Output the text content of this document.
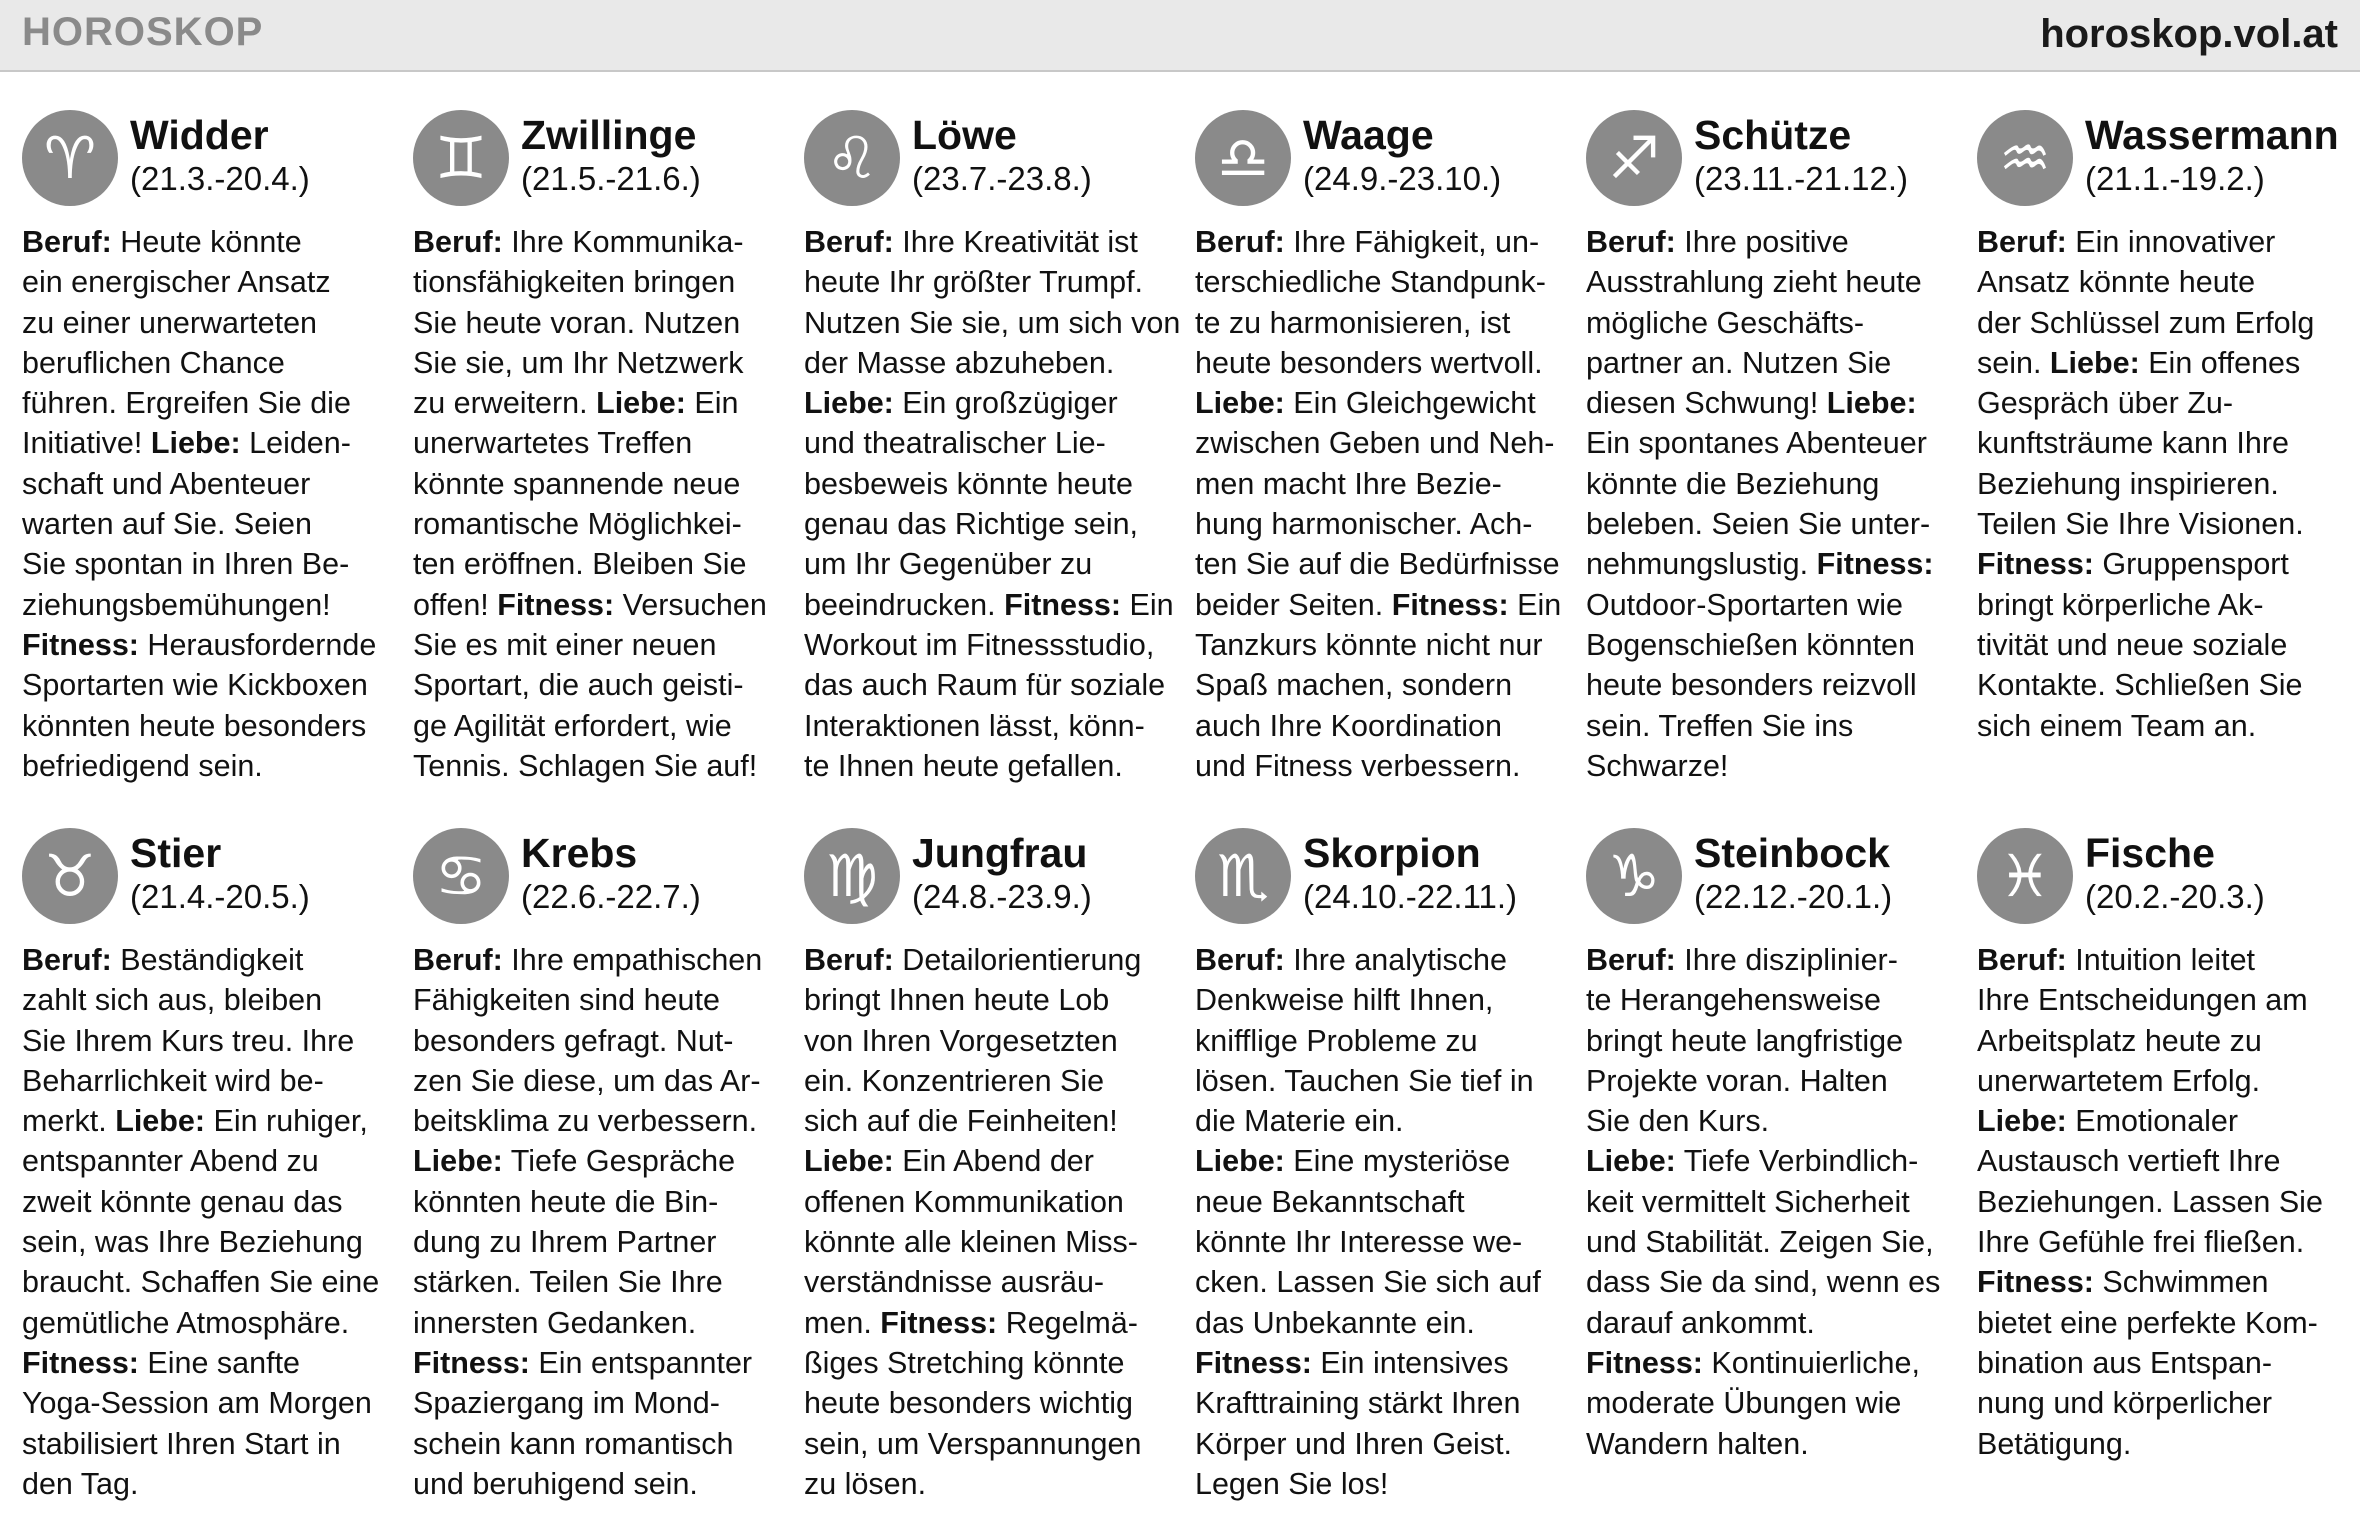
HOROSKOP	horoskop.vol.at
♈ Widder
(21.3.-20.4.)
Beruf: Heute könnte
ein energischer Ansatz
zu einer unerwarteten
beruflichen Chance
führen. Ergreifen Sie die
Initiative! Liebe: Leiden-
schaft und Abenteuer
warten auf Sie. Seien
Sie spontan in Ihren Be-
ziehungsbemühungen!
Fitness: Herausfordernde
Sportarten wie Kickboxen
könnten heute besonders
befriedigend sein.
♊ Zwillinge
(21.5.-21.6.)
Beruf: Ihre Kommunika-
tionsfähigkeiten bringen
Sie heute voran. Nutzen
Sie sie, um Ihr Netzwerk
zu erweitern. Liebe: Ein
unerwartetes Treffen
könnte spannende neue
romantische Möglichkei-
ten eröffnen. Bleiben Sie
offen! Fitness: Versuchen
Sie es mit einer neuen
Sportart, die auch geisti-
ge Agilität erfordert, wie
Tennis. Schlagen Sie auf!
♌ Löwe
(23.7.-23.8.)
Beruf: Ihre Kreativität ist
heute Ihr größter Trumpf.
Nutzen Sie sie, um sich von
der Masse abzuheben.
Liebe: Ein großzügiger
und theatralischer Lie-
besbeweis könnte heute
genau das Richtige sein,
um Ihr Gegenüber zu
beeindrucken. Fitness: Ein
Workout im Fitnessstudio,
das auch Raum für soziale
Interaktionen lässt, könn-
te Ihnen heute gefallen.
♎ Waage
(24.9.-23.10.)
Beruf: Ihre Fähigkeit, un-
terschiedliche Standpunk-
te zu harmonisieren, ist
heute besonders wertvoll.
Liebe: Ein Gleichgewicht
zwischen Geben und Neh-
men macht Ihre Bezie-
hung harmonischer. Ach-
ten Sie auf die Bedürfnisse
beider Seiten. Fitness: Ein
Tanzkurs könnte nicht nur
Spaß machen, sondern
auch Ihre Koordination
und Fitness verbessern.
♐ Schütze
(23.11.-21.12.)
Beruf: Ihre positive
Ausstrahlung zieht heute
mögliche Geschäfts-
partner an. Nutzen Sie
diesen Schwung! Liebe:
Ein spontanes Abenteuer
könnte die Beziehung
beleben. Seien Sie unter-
nehmungslustig. Fitness:
Outdoor-Sportarten wie
Bogenschießen könnten
heute besonders reizvoll
sein. Treffen Sie ins
Schwarze!
♒ Wassermann
(21.1.-19.2.)
Beruf: Ein innovativer
Ansatz könnte heute
der Schlüssel zum Erfolg
sein. Liebe: Ein offenes
Gespräch über Zu-
kunftsträume kann Ihre
Beziehung inspirieren.
Teilen Sie Ihre Visionen.
Fitness: Gruppensport
bringt körperliche Ak-
tivität und neue soziale
Kontakte. Schließen Sie
sich einem Team an.
♉ Stier
(21.4.-20.5.)
Beruf: Beständigkeit
zahlt sich aus, bleiben
Sie Ihrem Kurs treu. Ihre
Beharrlichkeit wird be-
merkt. Liebe: Ein ruhiger,
entspannter Abend zu
zweit könnte genau das
sein, was Ihre Beziehung
braucht. Schaffen Sie eine
gemütliche Atmosphäre.
Fitness: Eine sanfte
Yoga-Session am Morgen
stabilisiert Ihren Start in
den Tag.
♋ Krebs
(22.6.-22.7.)
Beruf: Ihre empathischen
Fähigkeiten sind heute
besonders gefragt. Nut-
zen Sie diese, um das Ar-
beitsklima zu verbessern.
Liebe: Tiefe Gespräche
könnten heute die Bin-
dung zu Ihrem Partner
stärken. Teilen Sie Ihre
innersten Gedanken.
Fitness: Ein entspannter
Spaziergang im Mond-
schein kann romantisch
und beruhigend sein.
♍ Jungfrau
(24.8.-23.9.)
Beruf: Detailorientierung
bringt Ihnen heute Lob
von Ihren Vorgesetzten
ein. Konzentrieren Sie
sich auf die Feinheiten!
Liebe: Ein Abend der
offenen Kommunikation
könnte alle kleinen Miss-
verständnisse ausräu-
men. Fitness: Regelmä-
ßiges Stretching könnte
heute besonders wichtig
sein, um Verspannungen
zu lösen.
♏ Skorpion
(24.10.-22.11.)
Beruf: Ihre analytische
Denkweise hilft Ihnen,
knifflige Probleme zu
lösen. Tauchen Sie tief in
die Materie ein.
Liebe: Eine mysteriöse
neue Bekanntschaft
könnte Ihr Interesse we-
cken. Lassen Sie sich auf
das Unbekannte ein.
Fitness: Ein intensives
Krafttraining stärkt Ihren
Körper und Ihren Geist.
Legen Sie los!
♑ Steinbock
(22.12.-20.1.)
Beruf: Ihre disziplinier-
te Herangehensweise
bringt heute langfristige
Projekte voran. Halten
Sie den Kurs.
Liebe: Tiefe Verbindlich-
keit vermittelt Sicherheit
und Stabilität. Zeigen Sie,
dass Sie da sind, wenn es
darauf ankommt.
Fitness: Kontinuierliche,
moderate Übungen wie
Wandern halten.
♓ Fische
(20.2.-20.3.)
Beruf: Intuition leitet
Ihre Entscheidungen am
Arbeitsplatz heute zu
unerwartetem Erfolg.
Liebe: Emotionaler
Austausch vertieft Ihre
Beziehungen. Lassen Sie
Ihre Gefühle frei fließen.
Fitness: Schwimmen
bietet eine perfekte Kom-
bination aus Entspan-
nung und körperlicher
Betätigung.
